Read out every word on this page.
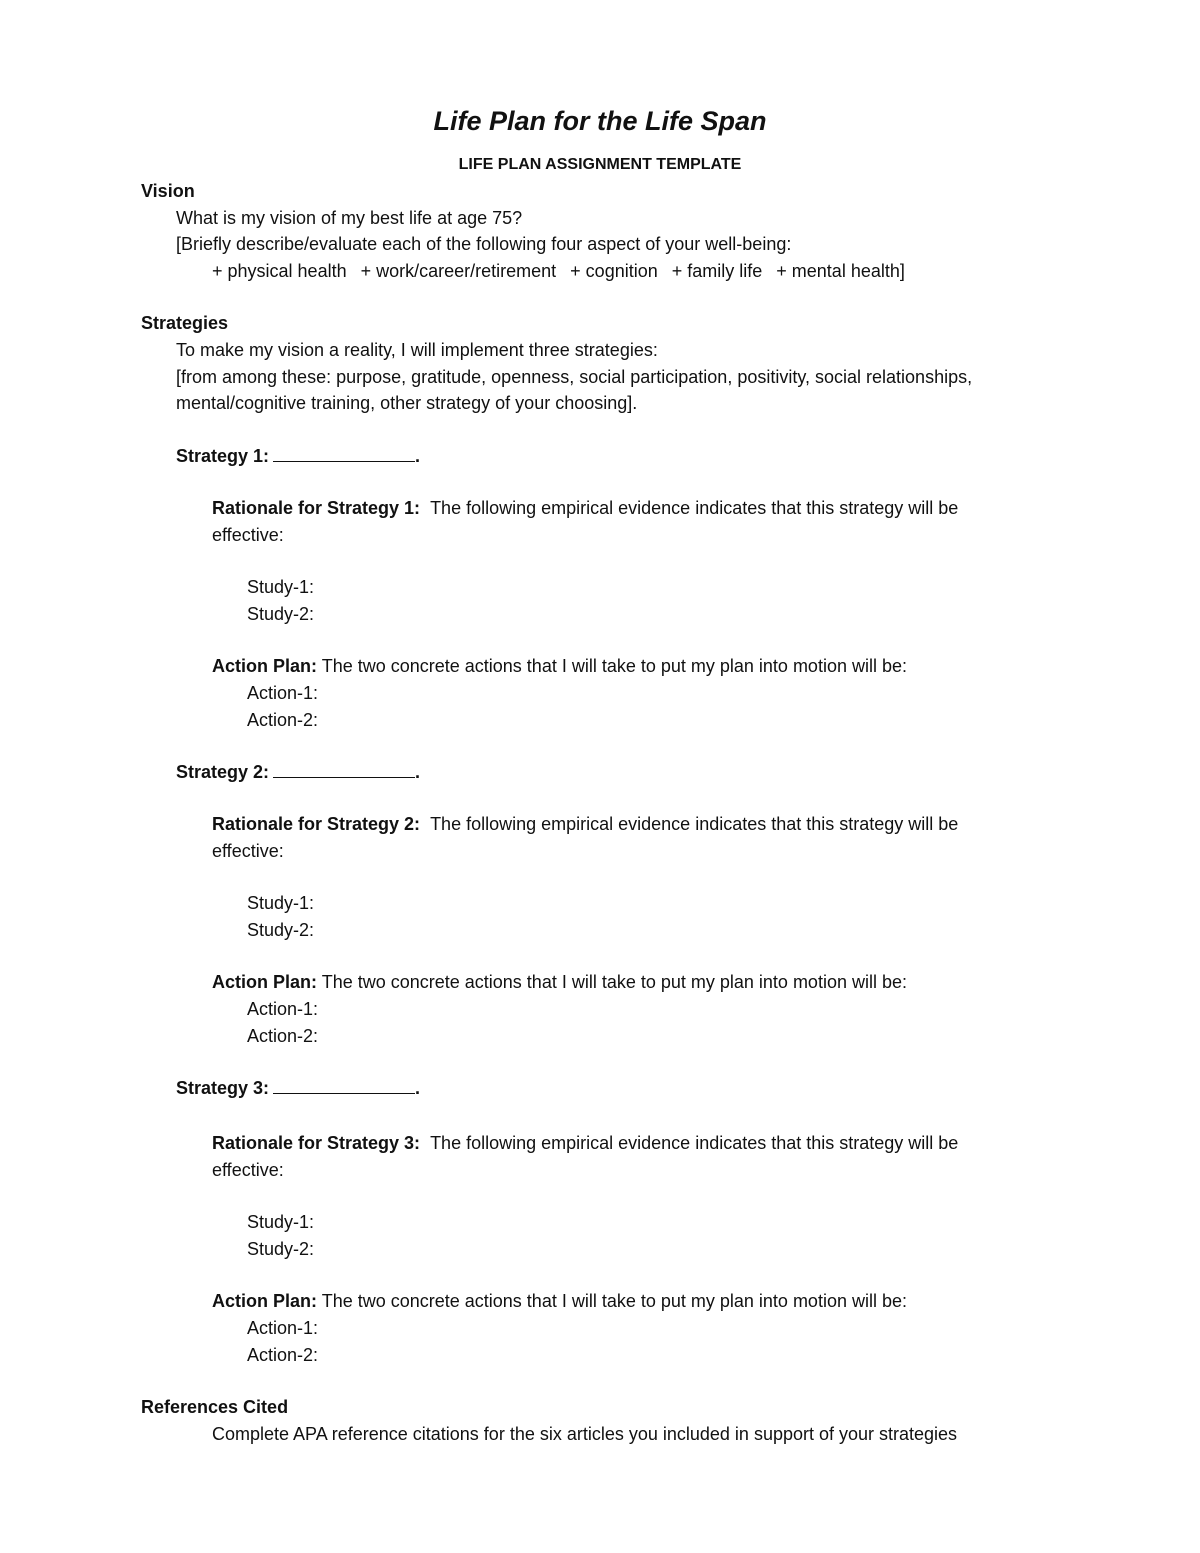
Life Plan for the Life Span
LIFE PLAN ASSIGNMENT TEMPLATE
Vision
What is my vision of my best life at age 75?
[Briefly describe/evaluate each of the following four aspect of your well-being:
+ physical health + work/career/retirement + cognition + family life + mental health]
Strategies
To make my vision a reality, I will implement three strategies:
[from among these: purpose, gratitude, openness, social participation, positivity, social relationships,
mental/cognitive training, other strategy of your choosing].
Strategy 1:	.
Rationale for Strategy 1: The following empirical evidence indicates that this strategy will be
effective:
Study-1:
Study-2:
Action Plan: The two concrete actions that I will take to put my plan into motion will be:
Action-1:
Action-2:
Strategy 2:	.
Rationale for Strategy 2: The following empirical evidence indicates that this strategy will be
effective:
Study-1:
Study-2:
Action Plan: The two concrete actions that I will take to put my plan into motion will be:
Action-1:
Action-2:
Strategy 3:	.
Rationale for Strategy 3: The following empirical evidence indicates that this strategy will be
effective:
Study-1:
Study-2:
Action Plan: The two concrete actions that I will take to put my plan into motion will be:
Action-1:
Action-2:
References Cited
Complete APA reference citations for the six articles you included in support of your strategies
